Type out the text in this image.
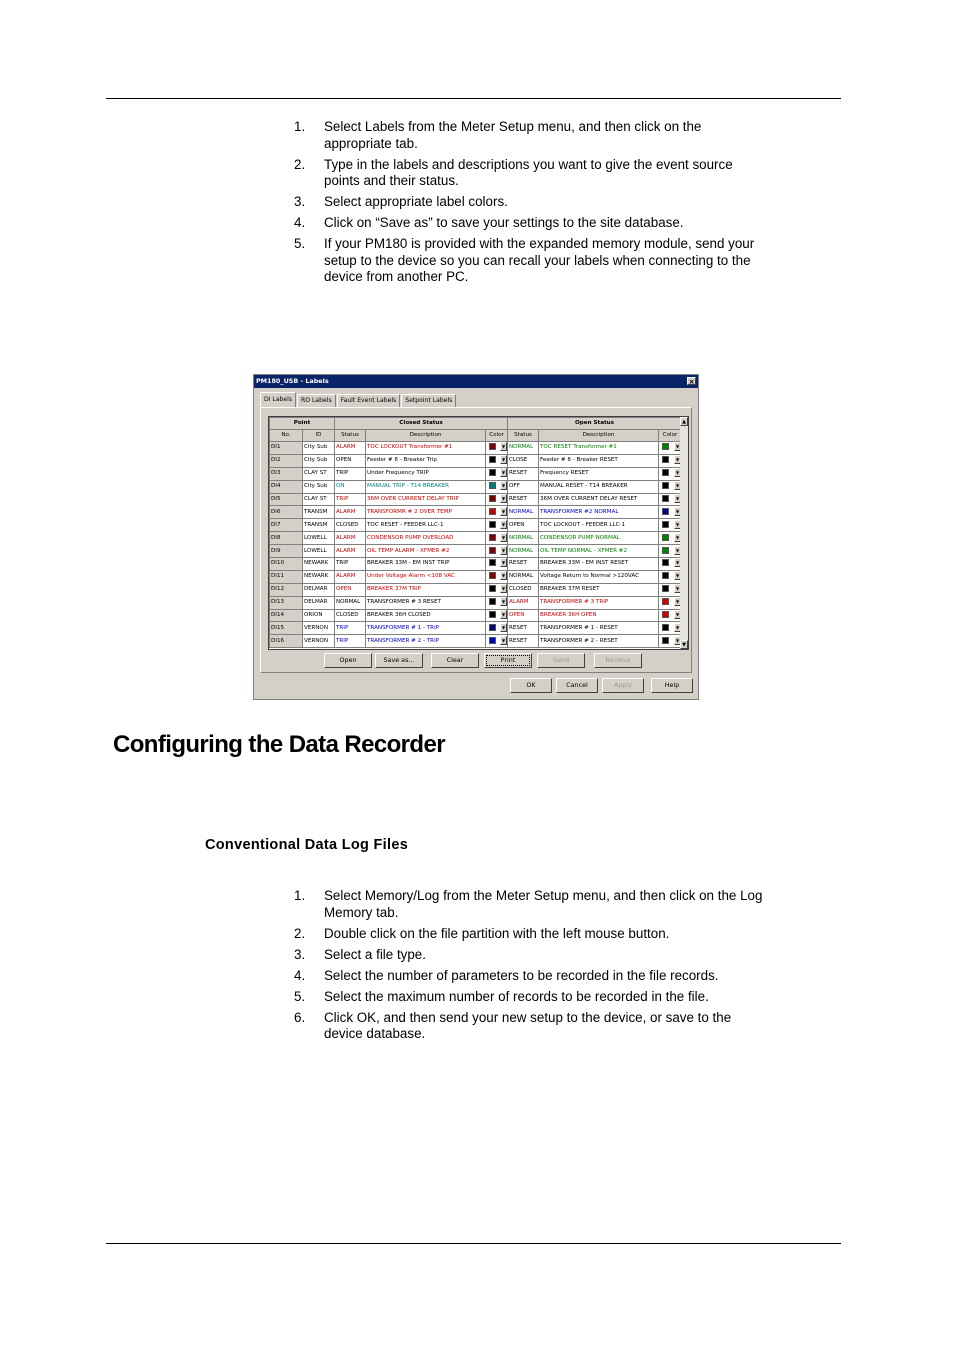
1.	Select Labels from the Meter Setup menu, and then click on the appropriate tab.
2.	Type in the labels and descriptions you want to give the event source points and their status.
3.	Select appropriate label colors.
4.	Click on “Save as” to save your settings to the site database.
5.	If your PM180 is provided with the expanded memory module, send your setup to the device so you can recall your labels when connecting to the device from another PC.
PM180_USB - Labels	×
DI Labels	RO Labels	Fault Event Labels	Setpoint Labels
Point		Closed Status			Open Status		
No.	ID	Status	Description	Color	Status	Description	Color
DI1	City Sub	ALARM	TOC LOCKOUT Transformer #1	▼	NORMAL	TOC RESET Transformer #1	▼

DI2	City Sub	OPEN	Feeder # 8 - Breaker Trip	▼	CLOSE	Feeder # 8 - Breaker RESET	▼

DI3	CLAY ST	TRIP	Under Frequency TRIP	▼	RESET	Frequency RESET	▼

DI4	City Sub	ON	MANUAL TRIP - T14 BREAKER	▼	OFF	MANUAL RESET - T14 BREAKER	▼

DI5	CLAY ST	TRIP	36M OVER CURRENT DELAY TRIP	▼	RESET	36M OVER CURRENT DELAY RESET	▼

DI6	TRANSM	ALARM	TRANSFORMR # 2 OVER TEMP	▼	NORMAL	TRANSFORMER #2 NORMAL	▼

DI7	TRANSM	CLOSED	TOC RESET - FEEDER LLC-1	▼	OPEN	TOC LOCKOUT - FEEDER LLC-1	▼

DI8	LOWELL	ALARM	CONDENSOR PUMP OVERLOAD	▼	NORMAL	CONDENSOR PUMP NORMAL	▼

DI9	LOWELL	ALARM	OIL TEMP ALARM - XFMER #2	▼	NORMAL	OIL TEMP NORMAL - XFMER #2	▼

DI10	NEWARK	TRIP	BREAKER 33M - EM INST TRIP	▼	RESET	BREAKER 33M - EM INST RESET	▼

DI11	NEWARK	ALARM	Under Voltage Alarm <108 VAC	▼	NORMAL	Voltage Return to Normal >120VAC	▼

DI12	DELMAR	OPEN	BREAKER 37M TRIP	▼	CLOSED	BREAKER 37M RESET	▼

DI13	DELMAR	NORMAL	TRANSFORMER # 3 RESET	▼	ALARM	TRANSFORMER # 3 TRIP	▼

DI14	ORION	CLOSED	BREAKER 36H CLOSED	▼	OPEN	BREAKER 36H OPEN	▼

DI15	VERNON	TRIP	TRANSFORMER # 1 - TRIP	▼	RESET	TRANSFORMER # 1 - RESET	▼

DI16	VERNON	TRIP	TRANSFORMER # 2 - TRIP	▼	RESET	TRANSFORMER # 2 - RESET	▼
▲
▼
Open	Save as...	Clear	Print	Send	Receive
OK	Cancel	Apply	Help
Configuring the Data Recorder
Conventional Data Log Files
1.	Select Memory/Log from the Meter Setup menu, and then click on the Log Memory tab.
2.	Double click on the file partition with the left mouse button.
3.	Select a file type.
4.	Select the number of parameters to be recorded in the file records.
5.	Select the maximum number of records to be recorded in the file.
6.	Click OK, and then send your new setup to the device, or save to the device database.
